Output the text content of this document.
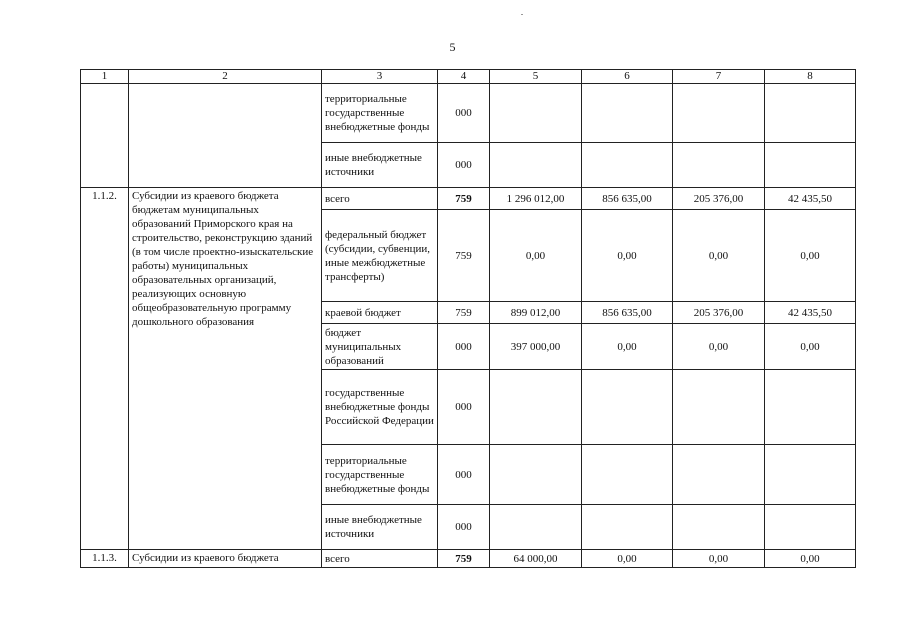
5
1	2	3	4	5	6	7	8
		территориальные государственные внебюджетные фонды	000				
		иные внебюджетные источники	000				
1.1.2.	Субсидии из краевого бюджета бюджетам муниципальных образований Приморского края на строительство, реконструкцию зданий (в том числе проектно-изыскательские работы) муниципальных образовательных организаций, реализующих основную общеобразовательную программу дошкольного образования	всего	759	1 296 012,00	856 635,00	205 376,00	42 435,50
		федеральный бюджет (субсидии, субвенции, иные межбюджетные трансферты)	759	0,00	0,00	0,00	0,00
		краевой бюджет	759	899 012,00	856 635,00	205 376,00	42 435,50
		бюджет муниципальных образований	000	397 000,00	0,00	0,00	0,00
		государственные внебюджетные фонды Российской Федерации	000				
		территориальные государственные внебюджетные фонды	000				
		иные внебюджетные источники	000				
1.1.3.	Субсидии из краевого бюджета	всего	759	64 000,00	0,00	0,00	0,00
